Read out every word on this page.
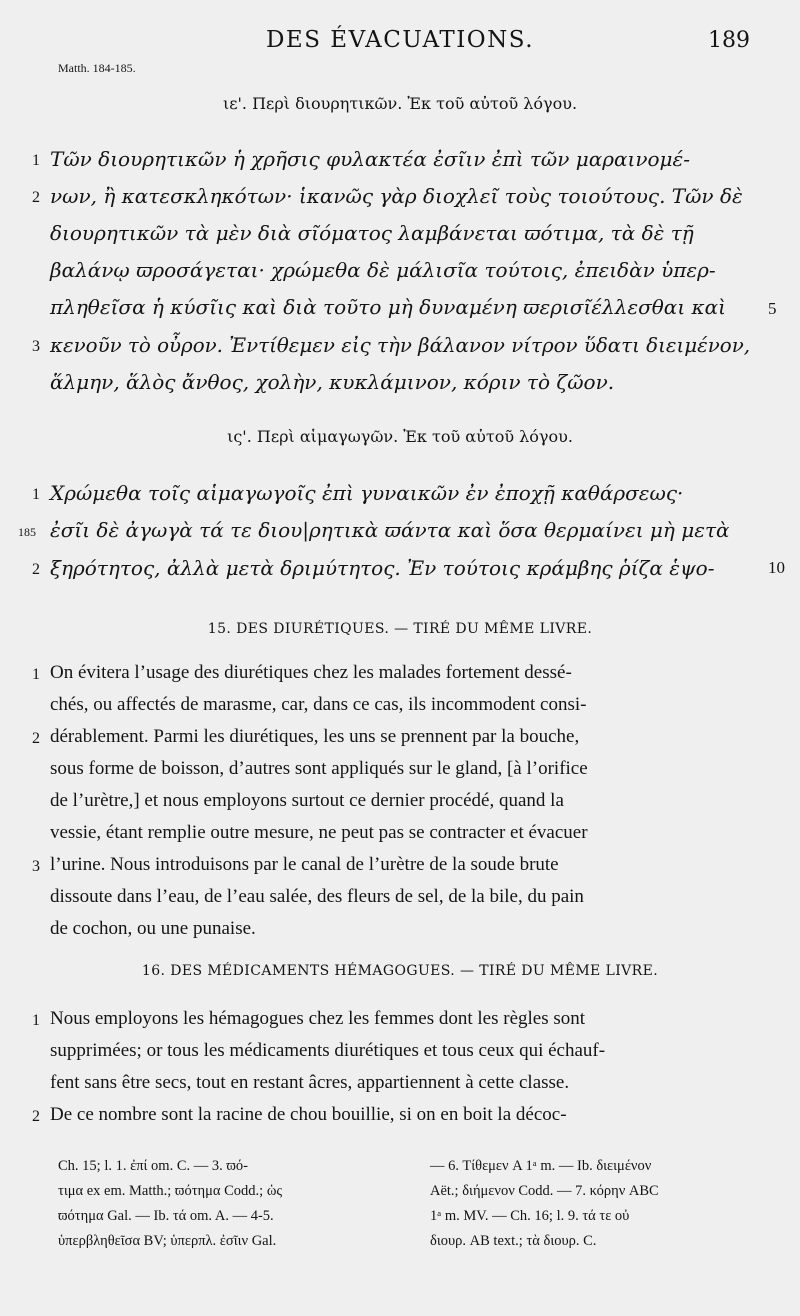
DES ÉVACUATIONS.	189
Matth. 184-185.
ιε'. Περὶ διουρητικῶν. Ἐκ τοῦ αὐτοῦ λόγου.
Τῶν διουρητικῶν ἡ χρῆσις φυλακτέα ἐσῖιν ἐπὶ τῶν μαραινομέ-
νων, ἢ κατεσκληκότων· ἱκανῶς γὰρ διοχλεῖ τοὺς τοιούτους. Τῶν δὲ
διουρητικῶν τὰ μὲν διὰ σῖόματος λαμβάνεται ϖότιμα, τὰ δὲ τῇ
βαλάνῳ ϖροσάγεται· χρώμεθα δὲ μάλισῖα τούτοις, ἐπειδὰν ὑπερ-
πληθεῖσα ἡ κύσῖις καὶ διὰ τοῦτο μὴ δυναμένη ϖερισῖέλλεσθαι καὶ
κενοῦν τὸ οὖρον. Ἐντίθεμεν εἰς τὴν βάλανον νίτρον ὕδατι διειμένον,
ἅλμην, ἅλὸς ἄνθος, χολὴν, κυκλάμινον, κόριν τὸ ζῶον.
ις'. Περὶ αἱμαγωγῶν. Ἐκ τοῦ αὐτοῦ λόγου.
Χρώμεθα τοῖς αἱμαγωγοῖς ἐπὶ γυναικῶν ἐν ἐποχῇ καθάρσεως·
ἐσῖι δὲ ἀγωγὰ τά τε διου|ρητικὰ ϖάντα καὶ ὅσα θερμαίνει μὴ μετὰ
ξηρότητος, ἀλλὰ μετὰ δριμύτητος. Ἐν τούτοις κράμβης ῥίζα ἑψο-
15. DES DIURÉTIQUES. — TIRÉ DU MÊME LIVRE.
On évitera l’usage des diurétiques chez les malades fortement dessé-
chés, ou affectés de marasme, car, dans ce cas, ils incommodent consi-
dérablement. Parmi les diurétiques, les uns se prennent par la bouche,
sous forme de boisson, d’autres sont appliqués sur le gland, [à l’orifice
de l’urètre,] et nous employons surtout ce dernier procédé, quand la
vessie, étant remplie outre mesure, ne peut pas se contracter et évacuer
l’urine. Nous introduisons par le canal de l’urètre de la soude brute
dissoute dans l’eau, de l’eau salée, des fleurs de sel, de la bile, du pain
de cochon, ou une punaise.
16. DES MÉDICAMENTS HÉMAGOGUES. — TIRÉ DU MÊME LIVRE.
Nous employons les hémagogues chez les femmes dont les règles sont
supprimées; or tous les médicaments diurétiques et tous ceux qui échauf-
fent sans être secs, tout en restant âcres, appartiennent à cette classe.
De ce nombre sont la racine de chou bouillie, si on en boit la décoc-
1
2
3
5
1
185
2	10
1
2
3
1
2
Ch. 15; l. 1. ἐπί om. C. — 3. ϖό-
τιμα ex em. Matth.; ϖότημα Codd.; ὡς
ϖότημα Gal. — Ib. τά om. A. — 4-5.
ὑπερβληθεῖσα BV; ὑπερπλ. ἐσῖιν Gal.
— 6. Τίθεμεν A 1ᵃ m. — Ib. διειμένον
Aët.; διήμενον Codd. — 7. κόρην ABC
1ᵃ m. MV. — Ch. 16; l. 9. τά τε οὐ
διουρ. AB text.; τὰ διουρ. C.
